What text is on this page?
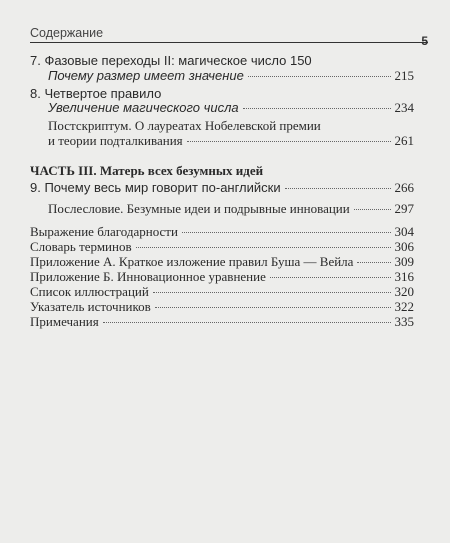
Содержание
5
7. Фазовые переходы II: магическое число 150
Почему размер имеет значение	215
8. Четвертое правило
Увеличение магического числа	234
Постскриптум. О лауреатах Нобелевской премии
и теории подталкивания	261
ЧАСТЬ III. Матерь всех безумных идей
9. Почему весь мир говорит по-английски	266
Послесловие. Безумные идеи и подрывные инновации	297
Выражение благодарности	304
Словарь терминов	306
Приложение А. Краткое изложение правил Буша — Вейла	309
Приложение Б. Инновационное уравнение	316
Список иллюстраций	320
Указатель источников	322
Примечания	335
